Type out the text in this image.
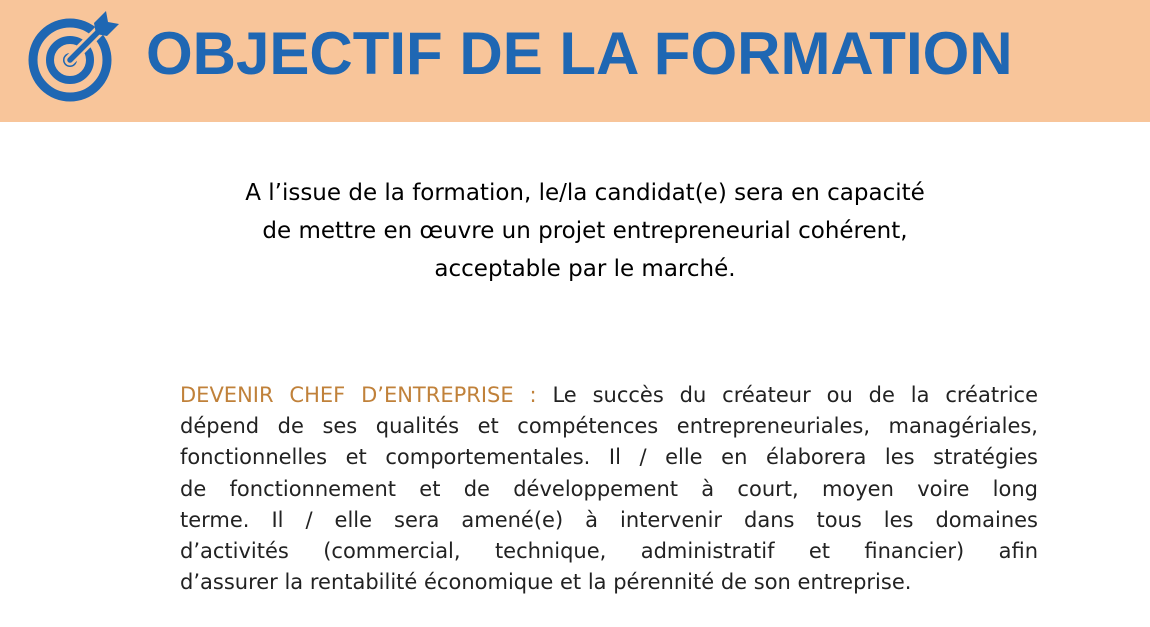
OBJECTIF DE LA FORMATION

A l’issue de la formation, le/la candidat(e) sera en capacité
de mettre en œuvre un projet entrepreneurial cohérent,
acceptable par le marché.

DEVENIR CHEF D’ENTREPRISE : Le succès du créateur ou de la créatrice
dépend de ses qualités et compétences entrepreneuriales, managériales,
fonctionnelles et comportementales. Il / elle en élaborera les stratégies
de fonctionnement et de développement à court, moyen voire long
terme. Il / elle sera amené(e) à intervenir dans tous les domaines
d’activités (commercial, technique, administratif et financier) afin
d’assurer la rentabilité économique et la pérennité de son entreprise.
